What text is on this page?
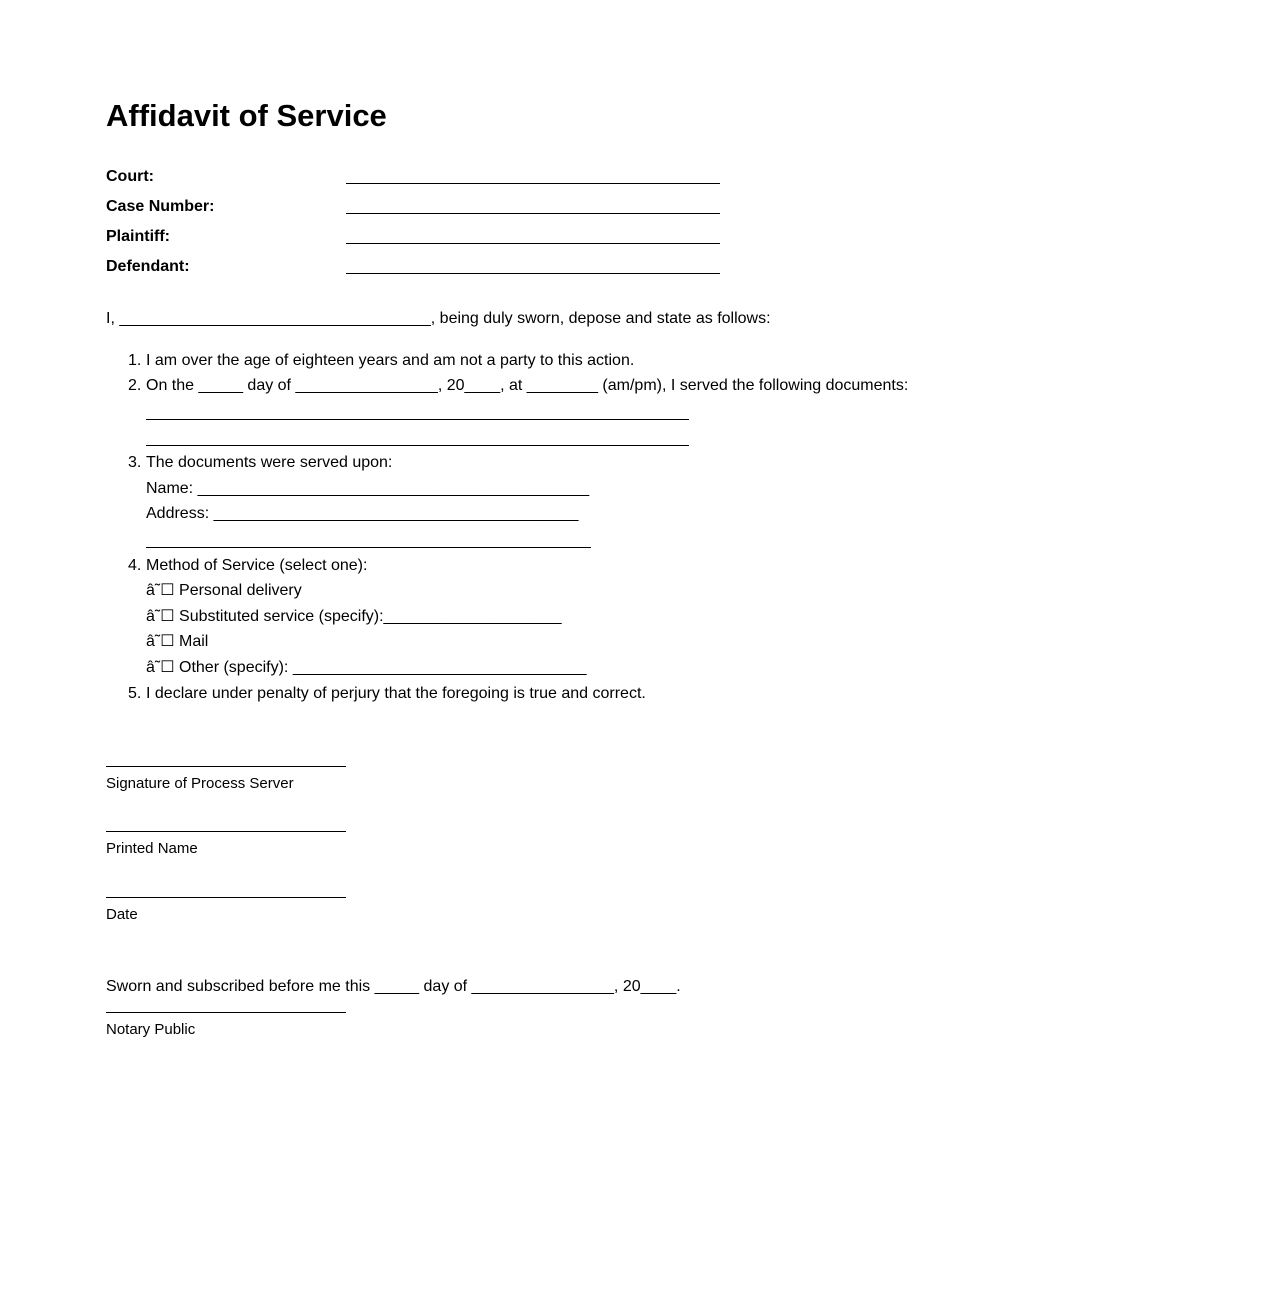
Affidavit of Service
Court:
Case Number:
Plaintiff:
Defendant:
I, ___________________________________, being duly sworn, depose and state as follows:
1. I am over the age of eighteen years and am not a party to this action.
2. On the _____ day of ________________, 20____, at ________ (am/pm), I served the following documents:
3. The documents were served upon:
Name: ____________________________________________
Address: _________________________________________
4. Method of Service (select one):
â˜☐ Personal delivery
â˜☐ Substituted service (specify):____________________
â˜☐ Mail
â˜☐ Other (specify): _________________________________
5. I declare under penalty of perjury that the foregoing is true and correct.
Signature of Process Server
Printed Name
Date
Sworn and subscribed before me this _____ day of ________________, 20____.
Notary Public
